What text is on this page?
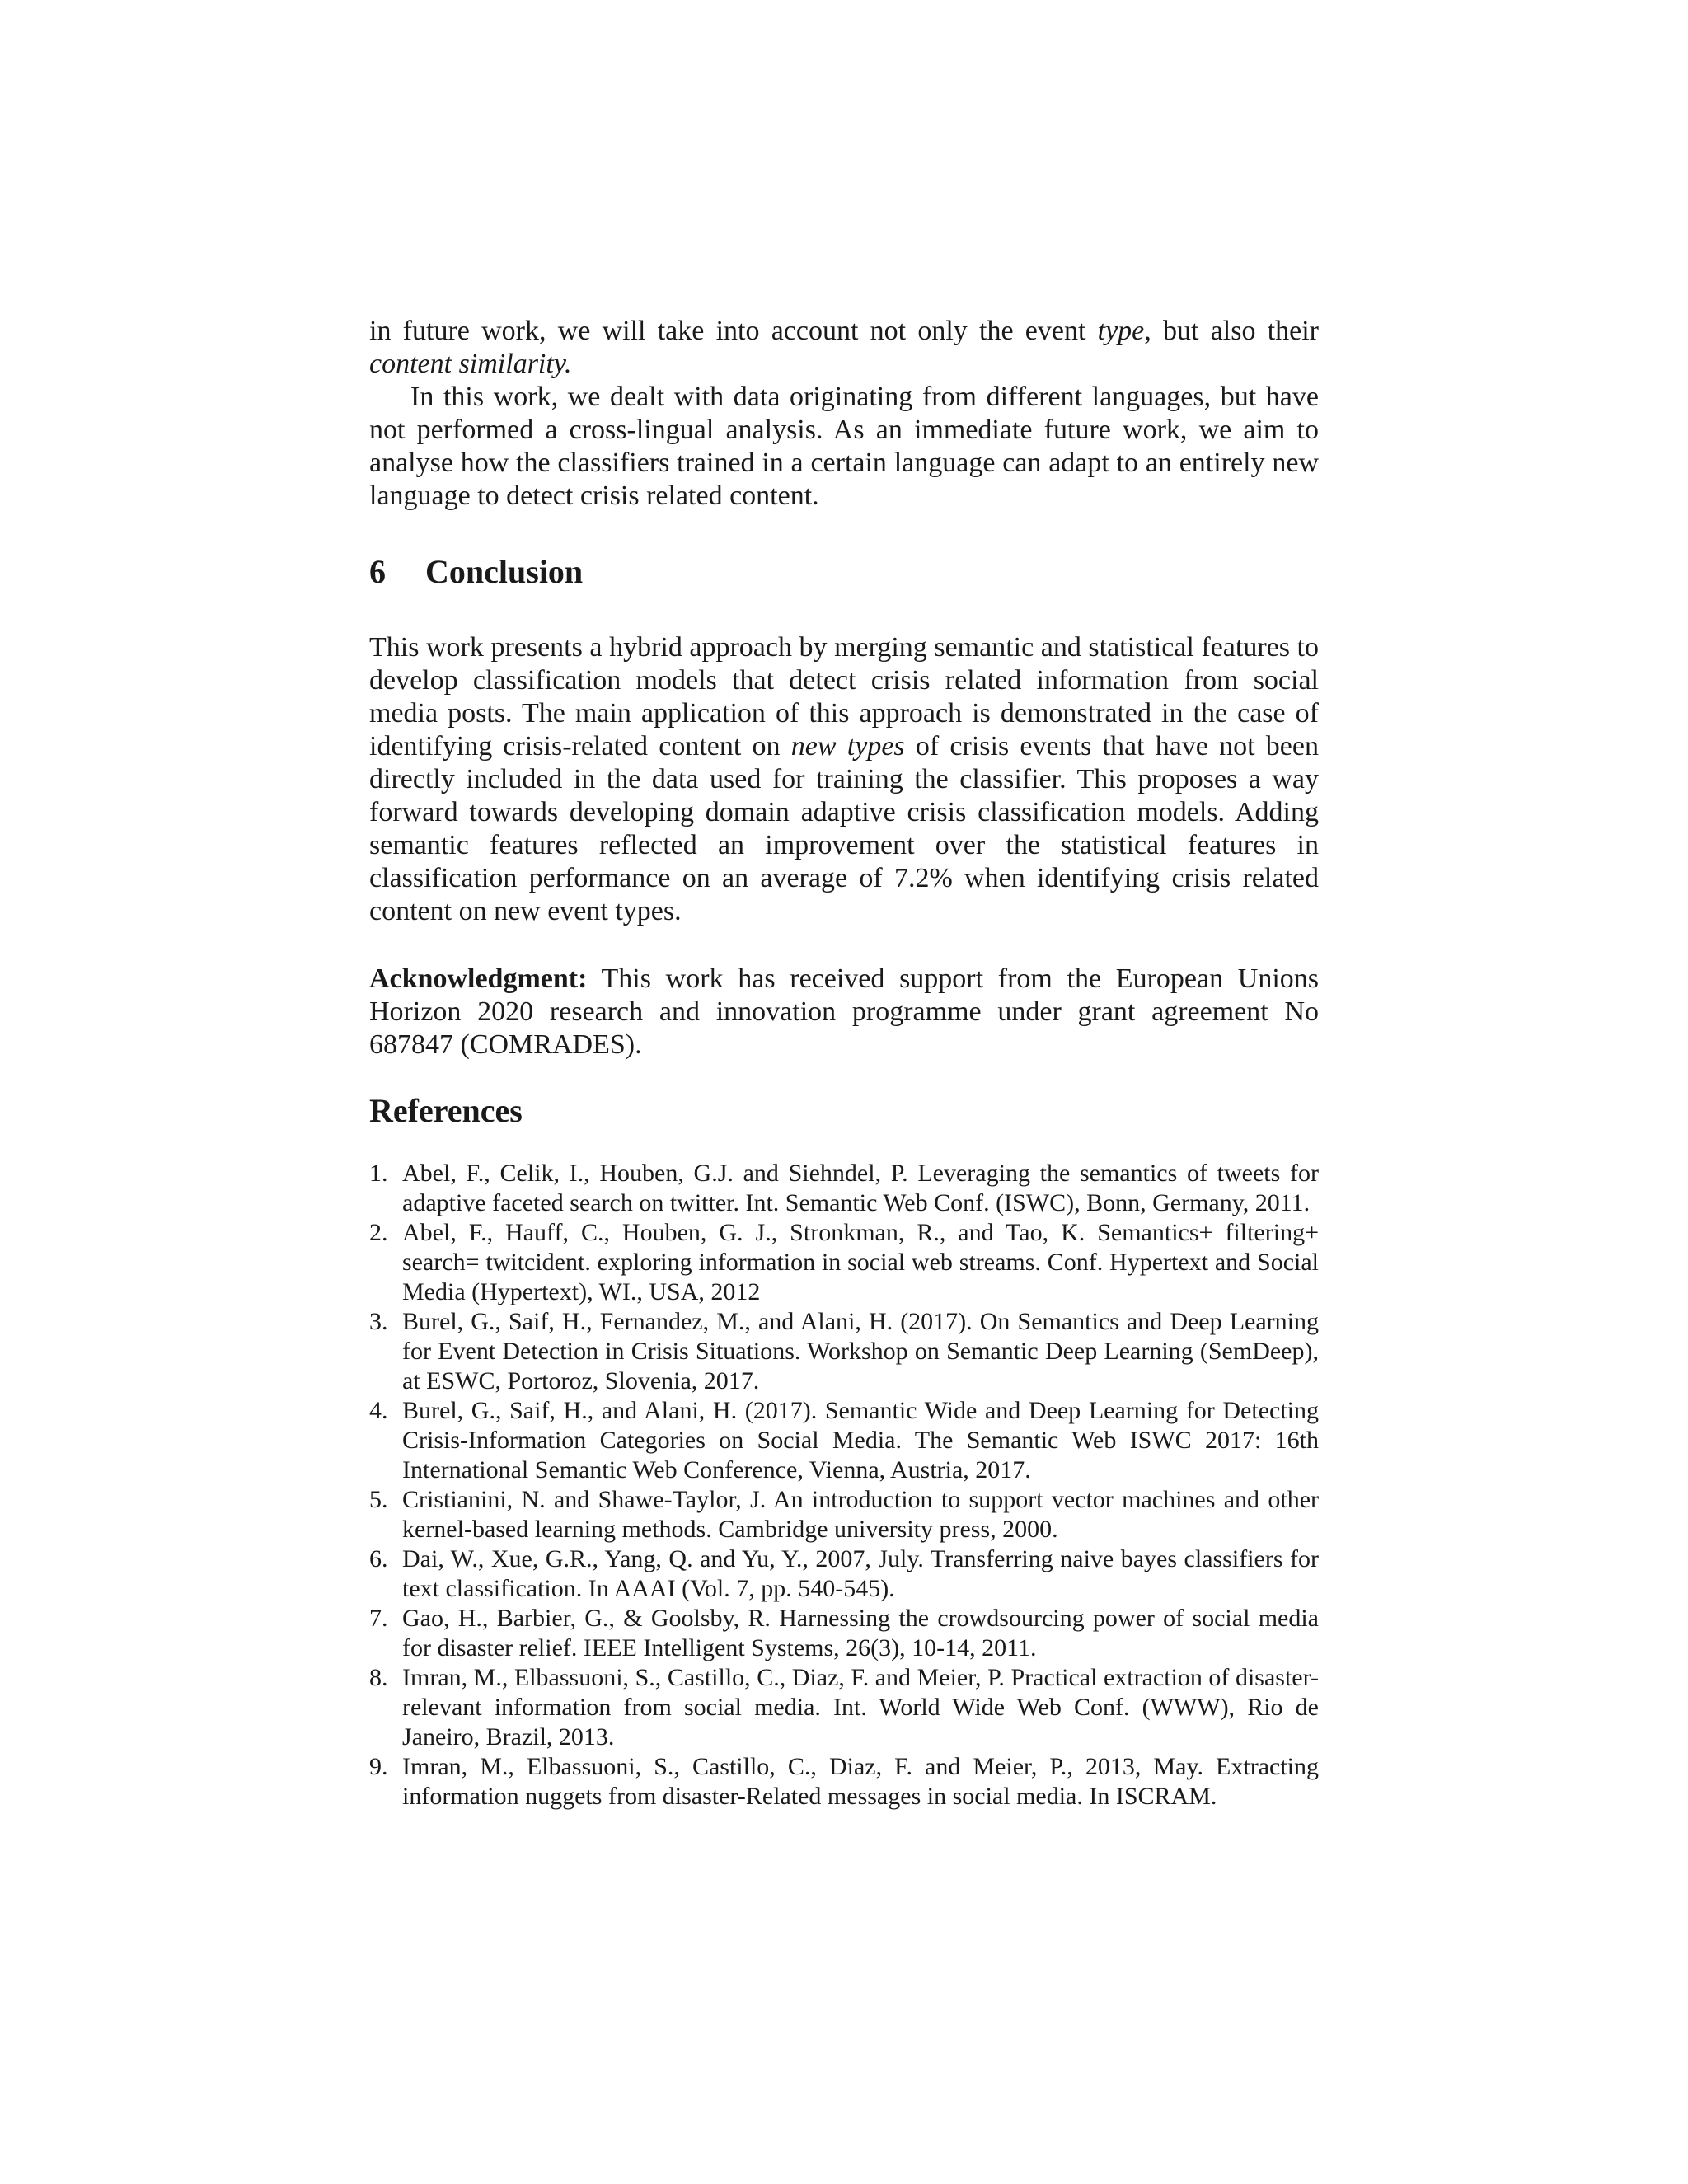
in future work, we will take into account not only the event type, but also their content similarity.

In this work, we dealt with data originating from different languages, but have not performed a cross-lingual analysis. As an immediate future work, we aim to analyse how the classifiers trained in a certain language can adapt to an entirely new language to detect crisis related content.

6 Conclusion

This work presents a hybrid approach by merging semantic and statistical features to develop classification models that detect crisis related information from social media posts. The main application of this approach is demonstrated in the case of identifying crisis-related content on new types of crisis events that have not been directly included in the data used for training the classifier. This proposes a way forward towards developing domain adaptive crisis classification models. Adding semantic features reflected an improvement over the statistical features in classification performance on an average of 7.2% when identifying crisis related content on new event types.

Acknowledgment: This work has received support from the European Unions Horizon 2020 research and innovation programme under grant agreement No 687847 (COMRADES).

References
1. Abel, F., Celik, I., Houben, G.J. and Siehndel, P. Leveraging the semantics of tweets for adaptive faceted search on twitter. Int. Semantic Web Conf. (ISWC), Bonn, Germany, 2011.
2. Abel, F., Hauff, C., Houben, G. J., Stronkman, R., and Tao, K. Semantics+ filtering+ search= twitcident. exploring information in social web streams. Conf. Hypertext and Social Media (Hypertext), WI., USA, 2012
3. Burel, G., Saif, H., Fernandez, M., and Alani, H. (2017). On Semantics and Deep Learning for Event Detection in Crisis Situations. Workshop on Semantic Deep Learning (SemDeep), at ESWC, Portoroz, Slovenia, 2017.
4. Burel, G., Saif, H., and Alani, H. (2017). Semantic Wide and Deep Learning for Detecting Crisis-Information Categories on Social Media. The Semantic Web ISWC 2017: 16th International Semantic Web Conference, Vienna, Austria, 2017.
5. Cristianini, N. and Shawe-Taylor, J. An introduction to support vector machines and other kernel-based learning methods. Cambridge university press, 2000.
6. Dai, W., Xue, G.R., Yang, Q. and Yu, Y., 2007, July. Transferring naive bayes classifiers for text classification. In AAAI (Vol. 7, pp. 540-545).
7. Gao, H., Barbier, G., & Goolsby, R. Harnessing the crowdsourcing power of social media for disaster relief. IEEE Intelligent Systems, 26(3), 10-14, 2011.
8. Imran, M., Elbassuoni, S., Castillo, C., Diaz, F. and Meier, P. Practical extraction of disaster-relevant information from social media. Int. World Wide Web Conf. (WWW), Rio de Janeiro, Brazil, 2013.
9. Imran, M., Elbassuoni, S., Castillo, C., Diaz, F. and Meier, P., 2013, May. Extracting information nuggets from disaster-Related messages in social media. In ISCRAM.
